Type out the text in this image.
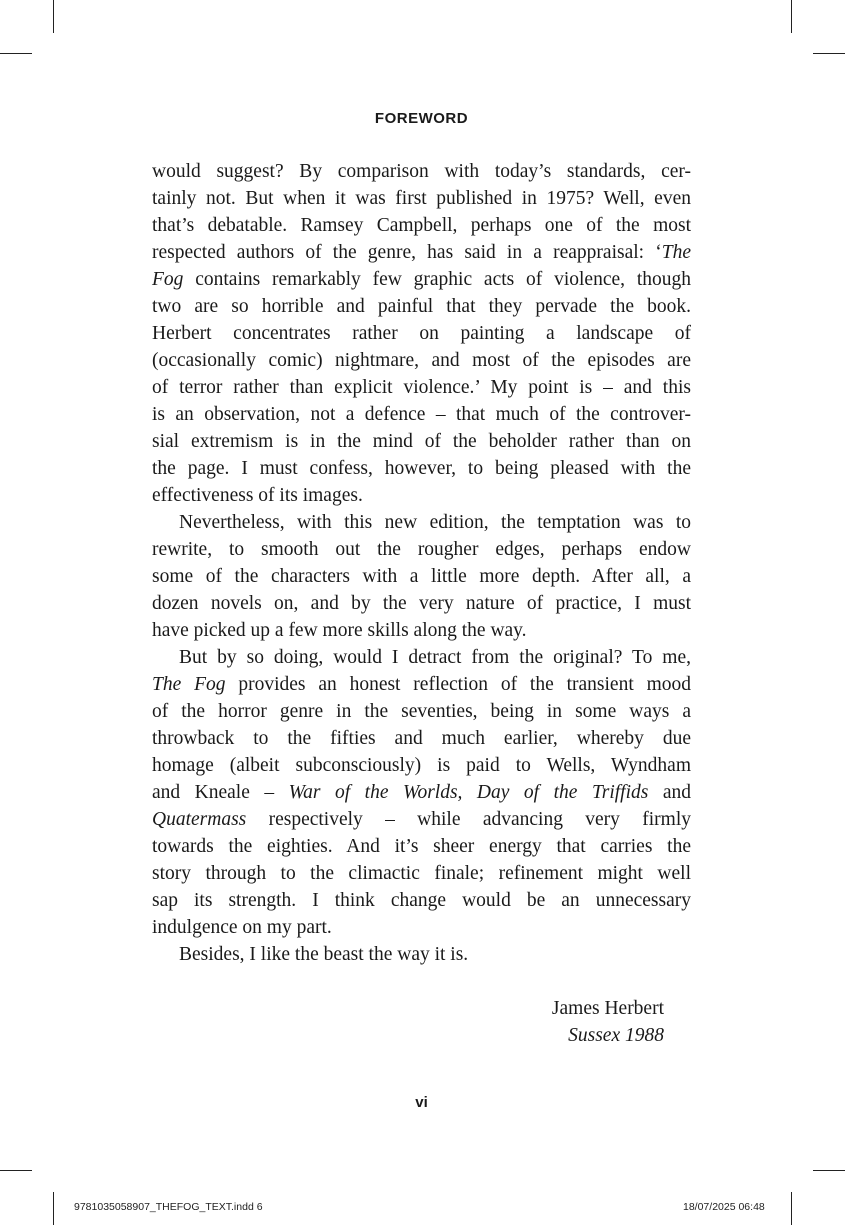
FOREWORD
would suggest? By comparison with today’s standards, cer-
tainly not. But when it was first published in 1975? Well, even
that’s debatable. Ramsey Campbell, perhaps one of the most
respected authors of the genre, has said in a reappraisal: ‘The
Fog contains remarkably few graphic acts of violence, though
two are so horrible and painful that they pervade the book.
Herbert concentrates rather on painting a landscape of
(occasionally comic) nightmare, and most of the episodes are
of terror rather than explicit violence.’ My point is – and this
is an observation, not a defence – that much of the controver-
sial extremism is in the mind of the beholder rather than on
the page. I must confess, however, to being pleased with the
effectiveness of its images.
Nevertheless, with this new edition, the temptation was to
rewrite, to smooth out the rougher edges, perhaps endow
some of the characters with a little more depth. After all, a
dozen novels on, and by the very nature of practice, I must
have picked up a few more skills along the way.
But by so doing, would I detract from the original? To me,
The Fog provides an honest reflection of the transient mood
of the horror genre in the seventies, being in some ways a
throwback to the fifties and much earlier, whereby due
homage (albeit subconsciously) is paid to Wells, Wyndham
and Kneale – War of the Worlds, Day of the Triffids and
Quatermass respectively – while advancing very firmly
towards the eighties. And it’s sheer energy that carries the
story through to the climactic finale; refinement might well
sap its strength. I think change would be an unnecessary
indulgence on my part.
Besides, I like the beast the way it is.
James Herbert
Sussex 1988
vi
9781035058907_THEFOG_TEXT.indd 6	18/07/2025 06:48
